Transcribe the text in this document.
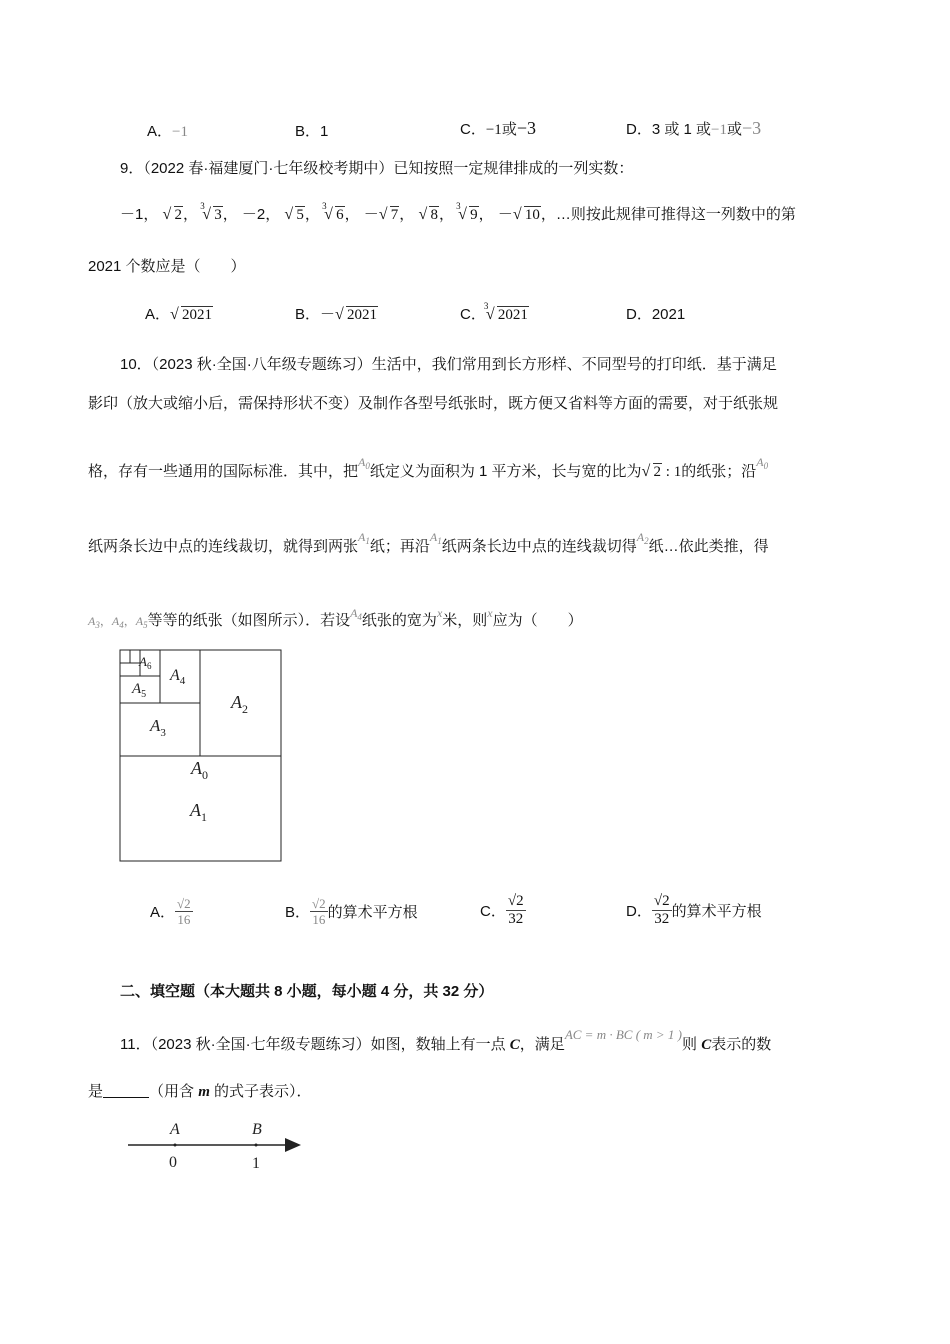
A．−1	B．1	C．−1或−3	D．3 或 1 或−1或−3
9．（2022 春·福建厦门·七年级校考期中）已知按照一定规律排成的一列实数：
－1， √ 2， √ 3
3， －2， √ 5， √ 3
6， － √ 7， √ 8， √ 3
9， － √ 10，…则按此规律可推得这一列数中的第
2021 个数应是（　　）
A． √ 2021	B．－ √ 2021	C．
√ 3
2021	D．2021
10．（2023 秋·全国·八年级专题练习）生活中，我们常用到长方形样、不同型号的打印纸．基于满足
影印（放大或缩小后，需保持形状不变）及制作各型号纸张时，既方便又省料等方面的需要，对于纸张规
格，存有一些通用的国际标准．其中，把$^{A_0}$纸定义为面积为 1 平方米，长与宽的比为 √ 2 : 1的纸张；沿$^{A_0}$
纸两条长边中点的连线裁切，就得到两张$^{A_1}$纸；再沿$^{A_1}$纸两条长边中点的连线裁切得$^{A_2}$纸…依此类推，得
$A_3$，$A_4$，$A_5$等等的纸张（如图所示）．若设$^{A_4}$纸张的宽为$^x$米，则$^x$应为（　　）
$A_6$
$A_5$
$A_4$
$A_3$
$A_2$
$A_0$
$A_1$
A． $\frac{√2}{16}$	B． $\frac{√2}{16}$ 的算术平方根	C． $\frac{√2}{32}$	D． $\frac{√2}{32}$ 的算术平方根
二、填空题（本大题共 8 小题，每小题 4 分，共 32 分）
11．（2023 秋·全国·七年级专题练习）如图，数轴上有一点 C，满足AC = m · BC ( m > 1 )则 C表示的数
是	（用含 m 的式子表示）．
A	B
0	1
